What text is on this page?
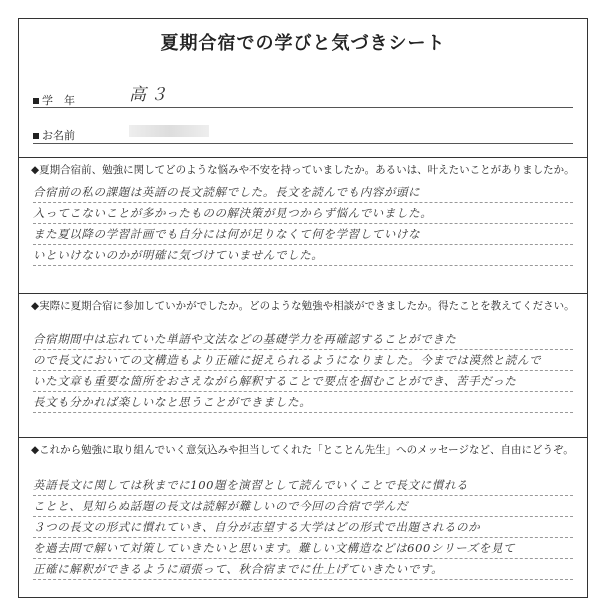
夏期合宿での学びと気づきシート
学　年	高３
お名前
◆夏期合宿前、勉強に関してどのような悩みや不安を持っていましたか。あるいは、叶えたいことがありましたか。
合宿前の私の課題は英語の長文読解でした。長文を読んでも内容が頭に
入ってこないことが多かったものの解決策が見つからず悩んでいました。
また夏以降の学習計画でも自分には何が足りなくて何を学習していけな
いといけないのかが明確に気づけていませんでした。
◆実際に夏期合宿に参加していかがでしたか。どのような勉強や相談ができましたか。得たことを教えてください。
合宿期間中は忘れていた単語や文法などの基礎学力を再確認することができた
ので長文においての文構造もより正確に捉えられるようになりました。今までは漠然と読んで
いた文章も重要な箇所をおさえながら解釈することで要点を掴むことができ、苦手だった
長文も分かれば楽しいなと思うことができました。
◆これから勉強に取り組んでいく意気込みや担当してくれた「とことん先生」へのメッセージなど、自由にどうぞ。
英語長文に関しては秋までに100題を演習として読んでいくことで長文に慣れる
ことと、見知らぬ話題の長文は読解が難しいので今回の合宿で学んだ
３つの長文の形式に慣れていき、自分が志望する大学はどの形式で出題されるのか
を過去問で解いて対策していきたいと思います。難しい文構造などは600シリーズを見て
正確に解釈ができるように頑張って、秋合宿までに仕上げていきたいです。
